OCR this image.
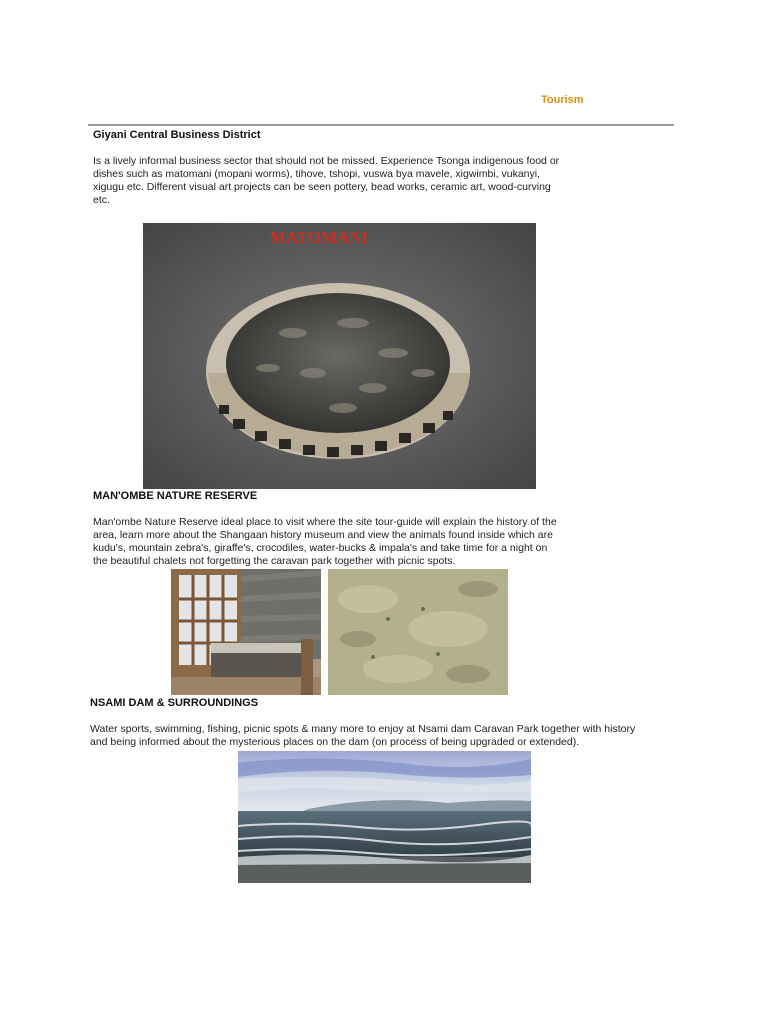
Tourism
Giyani Central Business District
Is a lively informal business sector that should not be missed. Experience Tsonga indigenous food or
dishes such as matomani (mopani worms), tihove, tshopi, vuswa bya mavele, xigwimbi, vukanyi,
xigugu etc. Different visual art projects can be seen pottery, bead works, ceramic art, wood-curving
etc.
MATOMANI
MAN'OMBE NATURE RESERVE
Man'ombe Nature Reserve ideal place to visit where the site tour-guide will explain the history of the
area, learn more about the Shangaan history museum and view the animals found inside which are
kudu's, mountain zebra's, giraffe's, crocodiles, water-bucks & impala's and take time for a night on
the beautiful chalets not forgetting the caravan park together with picnic spots.
NSAMI DAM & SURROUNDINGS
Water sports, swimming, fishing, picnic spots & many more to enjoy at Nsami dam Caravan Park together with history
and being informed about the mysterious places on the dam (on process of being upgraded or extended).
